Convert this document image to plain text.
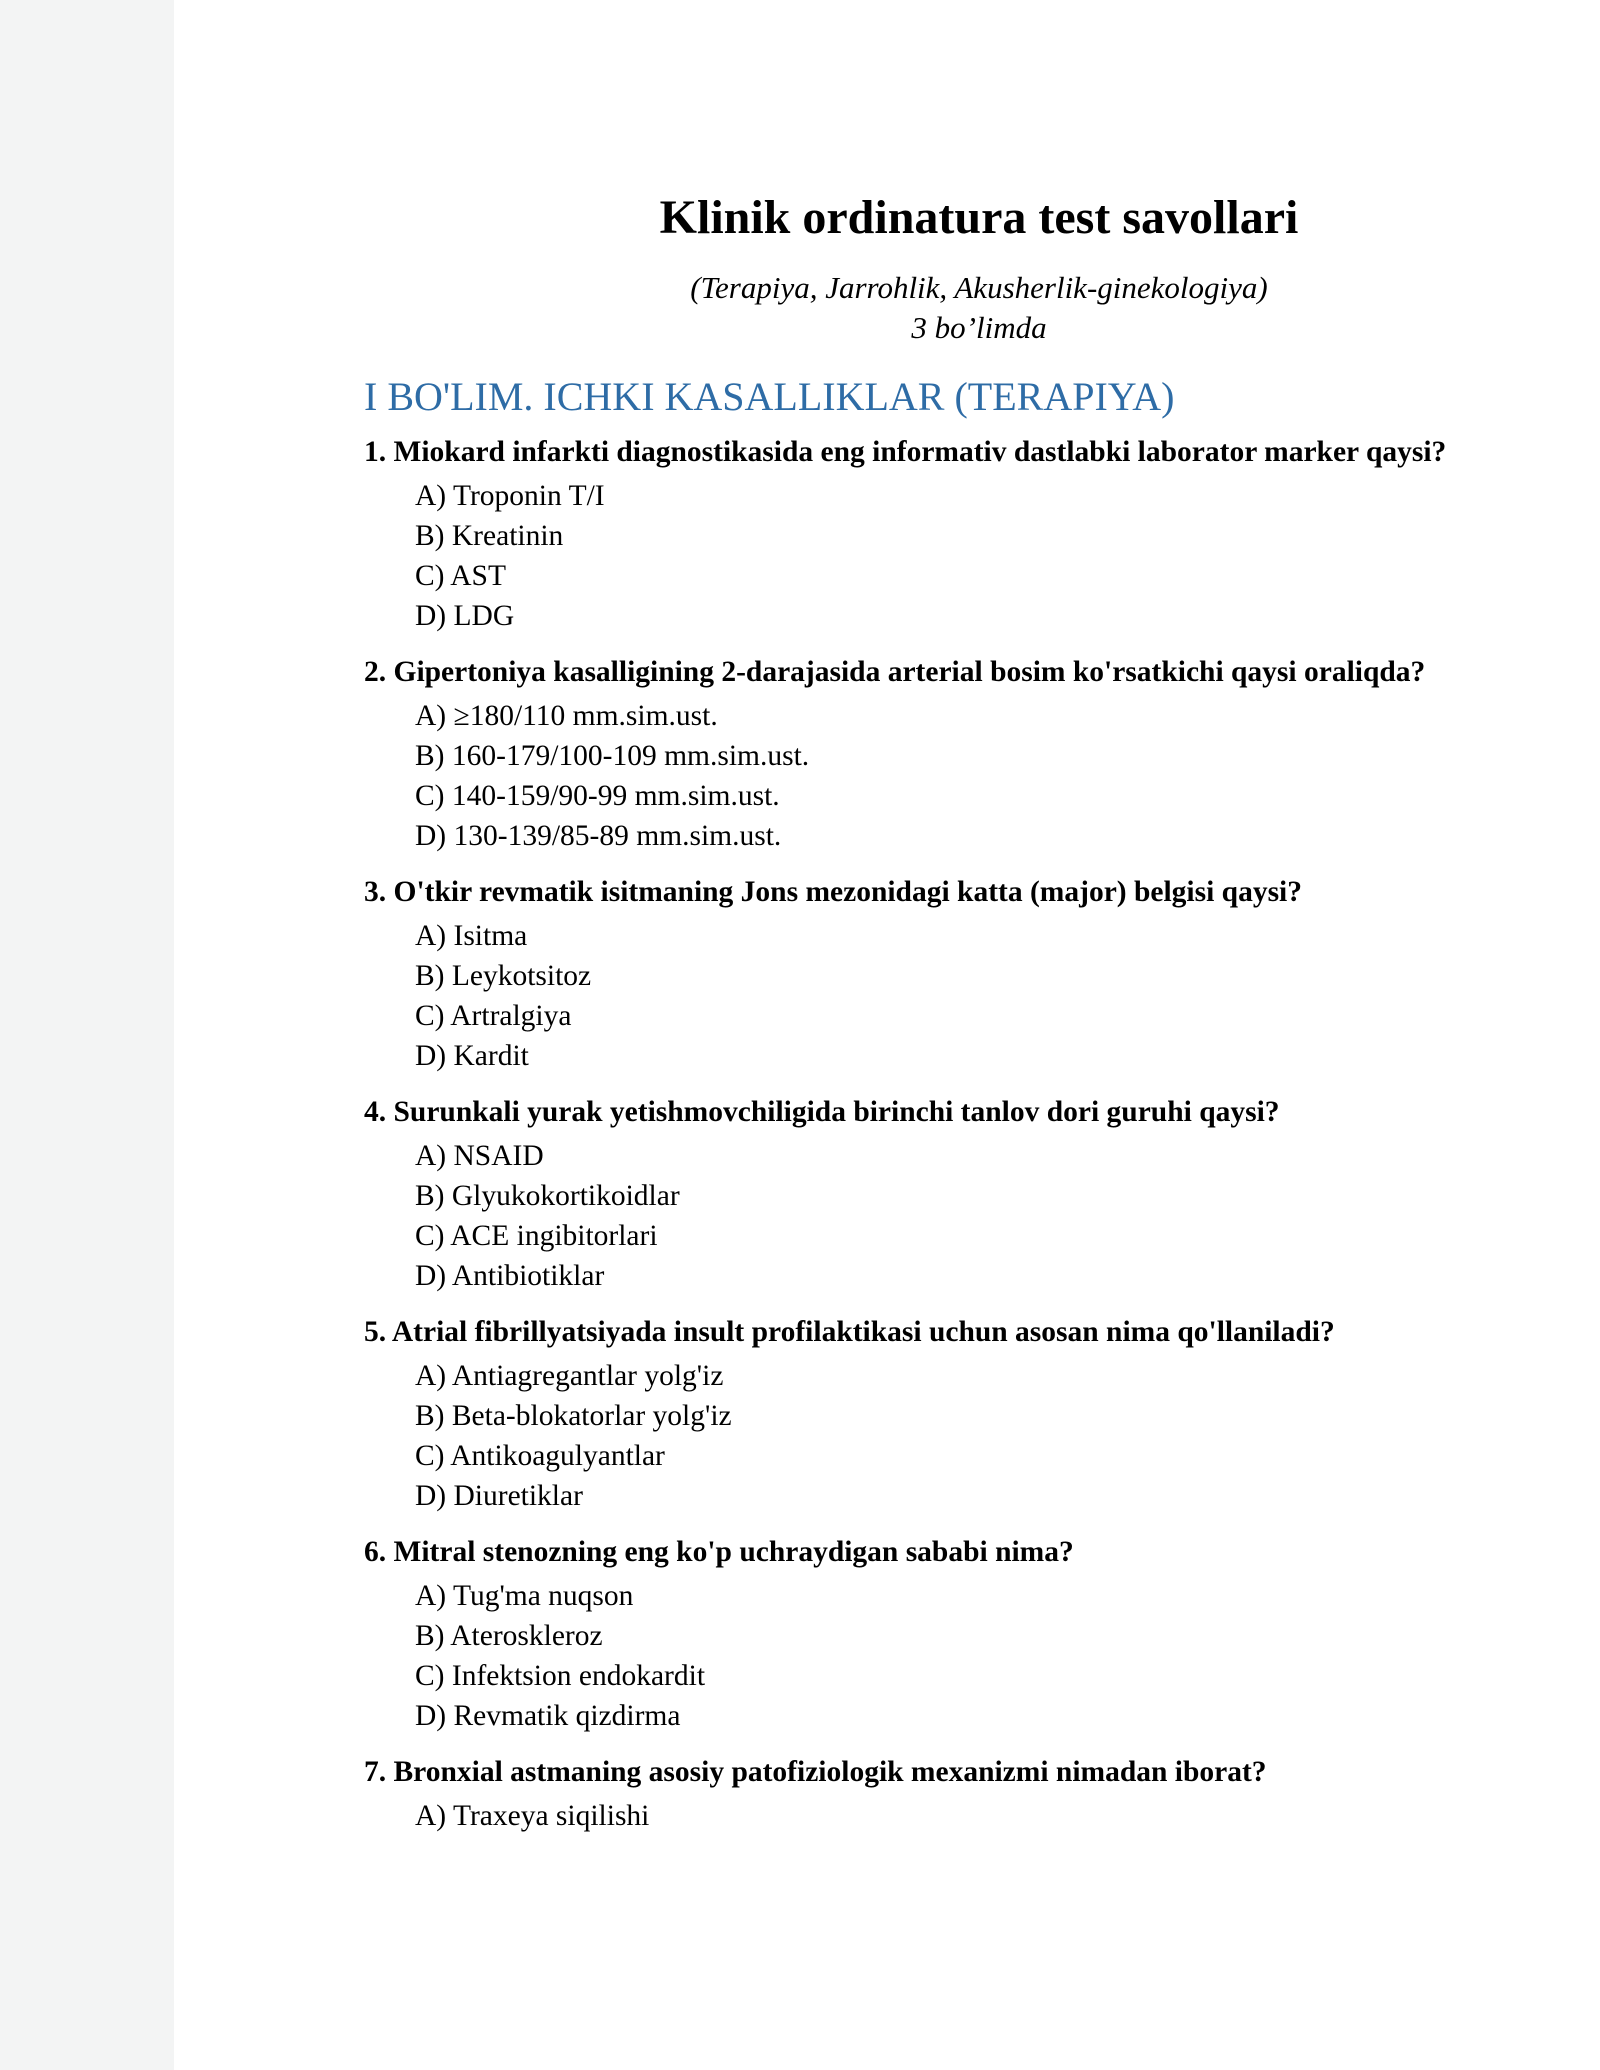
Klinik ordinatura test savollari
(Terapiya, Jarrohlik, Akusherlik-ginekologiya)
3 bo’limda
I BO'LIM. ICHKI KASALLIKLAR (TERAPIYA)
1. Miokard infarkti diagnostikasida eng informativ dastlabki laborator marker qaysi?
A) Troponin T/I
B) Kreatinin
C) AST
D) LDG
2. Gipertoniya kasalligining 2-darajasida arterial bosim ko'rsatkichi qaysi oraliqda?
A) ≥180/110 mm.sim.ust.
B) 160-179/100-109 mm.sim.ust.
C) 140-159/90-99 mm.sim.ust.
D) 130-139/85-89 mm.sim.ust.
3. O'tkir revmatik isitmaning Jons mezonidagi katta (major) belgisi qaysi?
A) Isitma
B) Leykotsitoz
C) Artralgiya
D) Kardit
4. Surunkali yurak yetishmovchiligida birinchi tanlov dori guruhi qaysi?
A) NSAID
B) Glyukokortikoidlar
C) ACE ingibitorlari
D) Antibiotiklar
5. Atrial fibrillyatsiyada insult profilaktikasi uchun asosan nima qo'llaniladi?
A) Antiagregantlar yolg'iz
B) Beta-blokatorlar yolg'iz
C) Antikoagulyantlar
D) Diuretiklar
6. Mitral stenozning eng ko'p uchraydigan sababi nima?
A) Tug'ma nuqson
B) Ateroskleroz
C) Infektsion endokardit
D) Revmatik qizdirma
7. Bronxial astmaning asosiy patofiziologik mexanizmi nimadan iborat?
A) Traxeya siqilishi
